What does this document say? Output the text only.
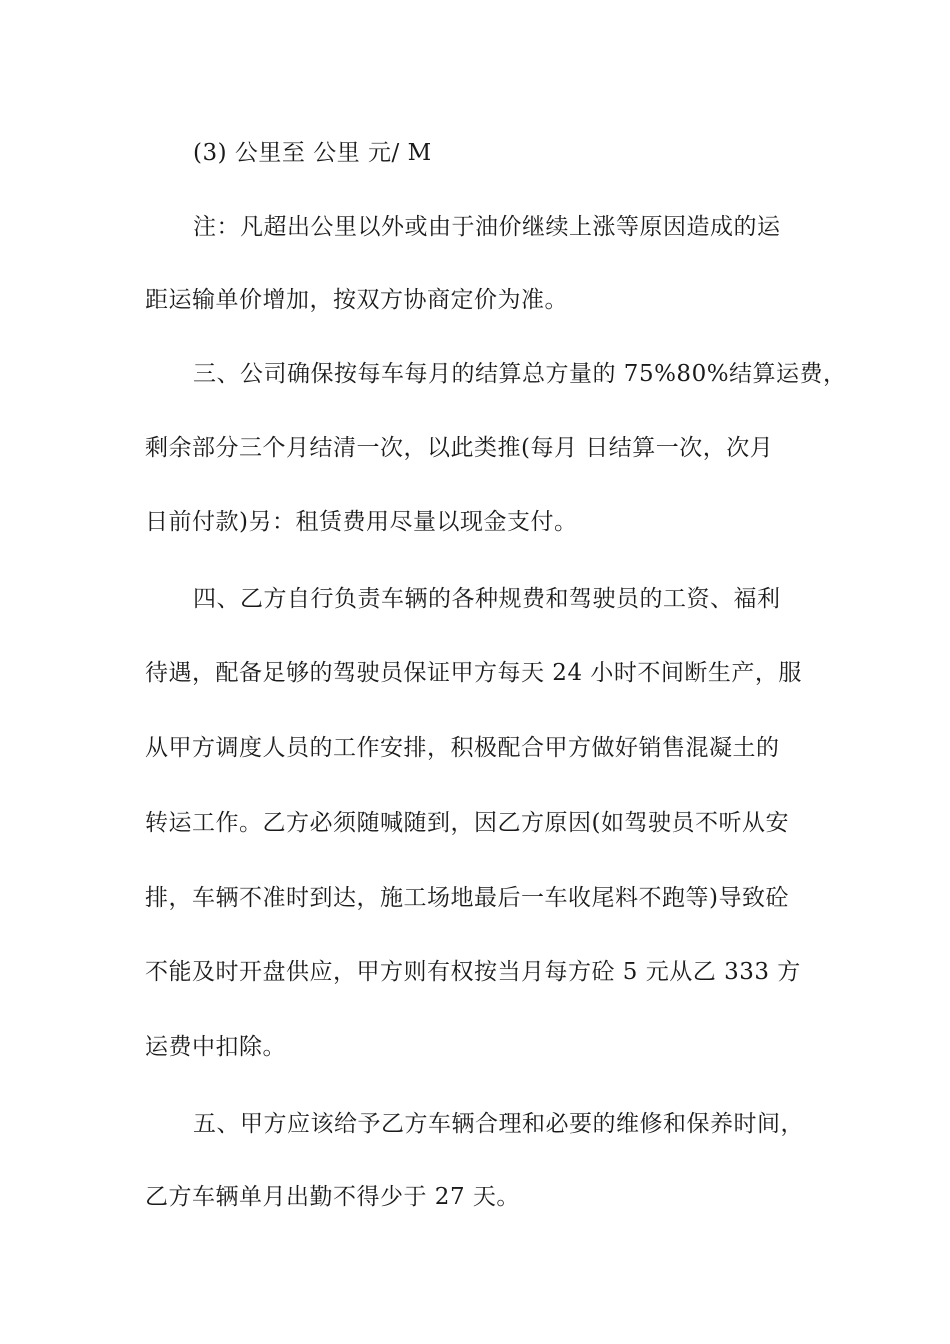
(3) 公里至 公里 元/ M
注：凡超出公里以外或由于油价继续上涨等原因造成的运
距运输单价增加，按双方协商定价为准。
三、公司确保按每车每月的结算总方量的 75%80%结算运费，
剩余部分三个月结清一次，以此类推(每月 日结算一次，次月
日前付款)另：租赁费用尽量以现金支付。
四、乙方自行负责车辆的各种规费和驾驶员的工资、福利
待遇，配备足够的驾驶员保证甲方每天 24 小时不间断生产，服
从甲方调度人员的工作安排，积极配合甲方做好销售混凝土的
转运工作。乙方必须随喊随到，因乙方原因(如驾驶员不听从安
排，车辆不准时到达，施工场地最后一车收尾料不跑等)导致砼
不能及时开盘供应，甲方则有权按当月每方砼 5 元从乙 333 方
运费中扣除。
五、甲方应该给予乙方车辆合理和必要的维修和保养时间，
乙方车辆单月出勤不得少于 27 天。
